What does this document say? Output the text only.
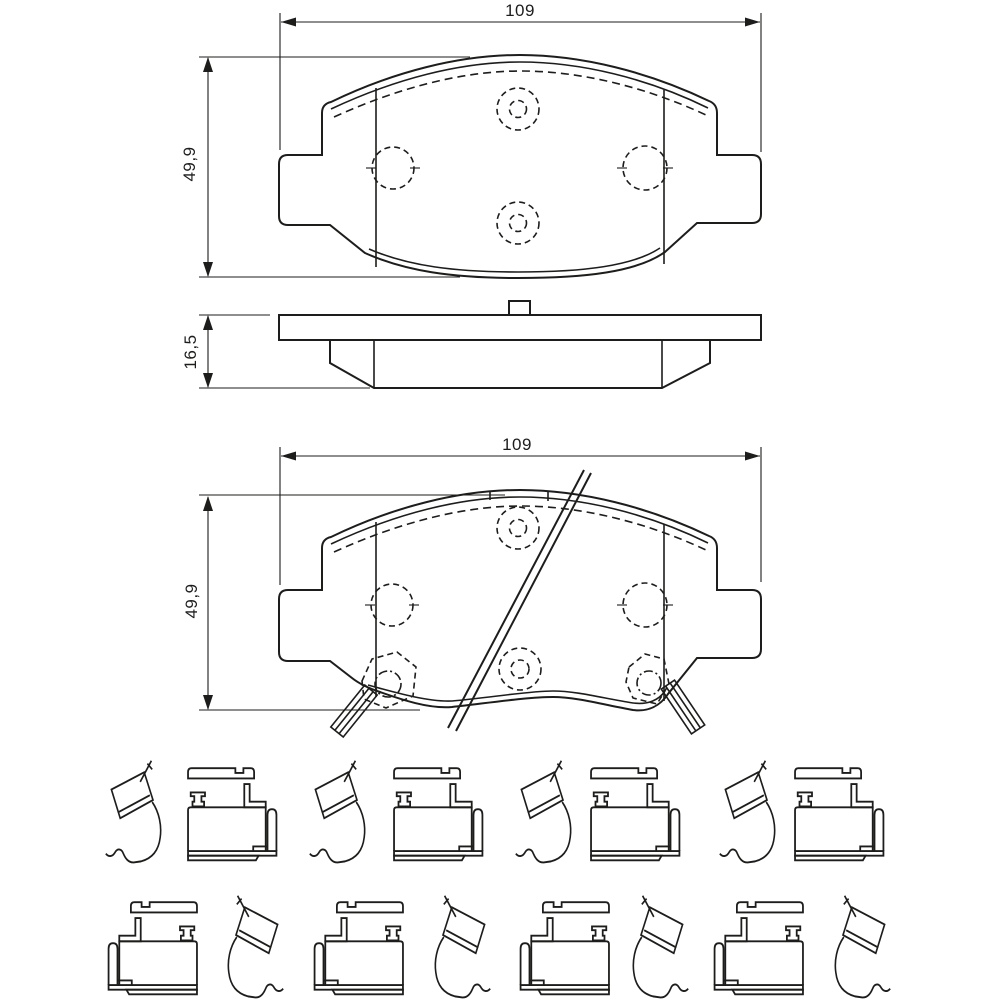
109
49,9
16,5
109
49,9
